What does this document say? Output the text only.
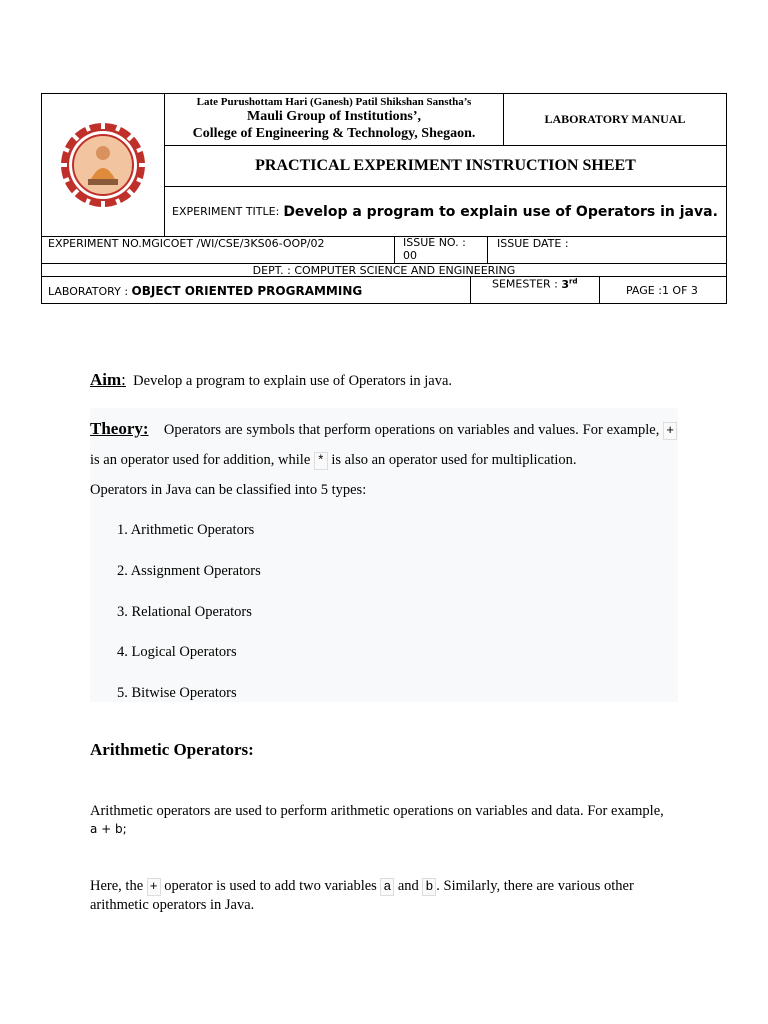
Late Purushottam Hari (Ganesh) Patil Shikshan Sanstha’s
Mauli Group of Institutions’,
College of Engineering & Technology, Shegaon.
LABORATORY MANUAL
PRACTICAL EXPERIMENT INSTRUCTION SHEET
EXPERIMENT TITLE: Develop a program to explain use of Operators in java.
EXPERIMENT NO.MGICOET /WI/CSE/3KS06-OOP/02	ISSUE NO. :
00
ISSUE DATE :
DEPT. : COMPUTER SCIENCE AND ENGINEERING
LABORATORY : OBJECT ORIENTED PROGRAMMING	SEMESTER : 3rd
PAGE :1 OF 3
Aim: Develop a program to explain use of Operators in java.
Theory: Operators are symbols that perform operations on variables and values. For example, + is an operator used for addition, while * is also an operator used for multiplication.
Operators in Java can be classified into 5 types:
1. Arithmetic Operators
2. Assignment Operators
3. Relational Operators
4. Logical Operators
5. Bitwise Operators
Arithmetic Operators:
Arithmetic operators are used to perform arithmetic operations on variables and data. For example, a + b;
Here, the + operator is used to add two variables a and b . Similarly, there are various other arithmetic operators in Java.
